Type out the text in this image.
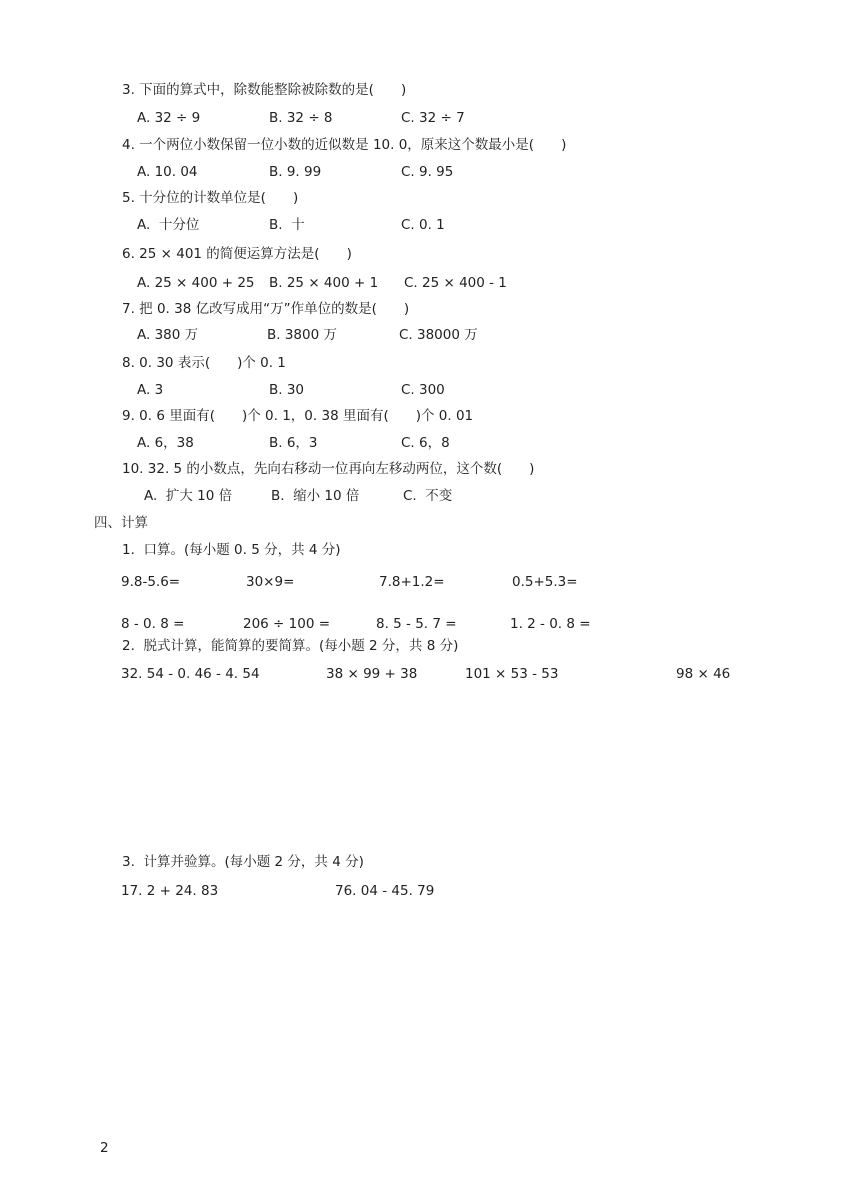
3. 下面的算式中，除数能整除被除数的是(　　)
A. 32 ÷ 9	B. 32 ÷ 8	C. 32 ÷ 7
4. 一个两位小数保留一位小数的近似数是 10. 0，原来这个数最小是(　　)
A. 10. 04	B. 9. 99	C. 9. 95
5. 十分位的计数单位是(　　)
A.  十分位	B.  十	C. 0. 1
6. 25 × 401 的简便运算方法是(　　)
A. 25 × 400 + 25 B. 25 × 400 + 1 C. 25 × 400 - 1
7. 把 0. 38 亿改写成用“万”作单位的数是(　　)
A. 380 万	B. 3800 万	C. 38000 万
8. 0. 30 表示(　　)个 0. 1
A. 3	B. 30	C. 300
9. 0. 6 里面有(　　)个 0. 1，0. 38 里面有(　　)个 0. 01
A. 6，38	B. 6，3	C. 6，8
10. 32. 5 的小数点，先向右移动一位再向左移动两位，这个数(　　)
A.  扩大 10 倍	B.  缩小 10 倍	C.  不变
四、计算
1.  口算。(每小题 0. 5 分，共 4 分)
9.8-5.6=	30×9=	7.8+1.2=	0.5+5.3=
8 - 0. 8 =	206 ÷ 100 =	8. 5 - 5. 7 =	1. 2 - 0. 8 =
2.  脱式计算，能简算的要简算。(每小题 2 分，共 8 分)
32. 54 - 0. 46 - 4. 54	38 × 99 + 38	101 × 53 - 53	98 × 46
3.  计算并验算。(每小题 2 分，共 4 分)
17. 2 + 24. 83	76. 04 - 45. 79
2
